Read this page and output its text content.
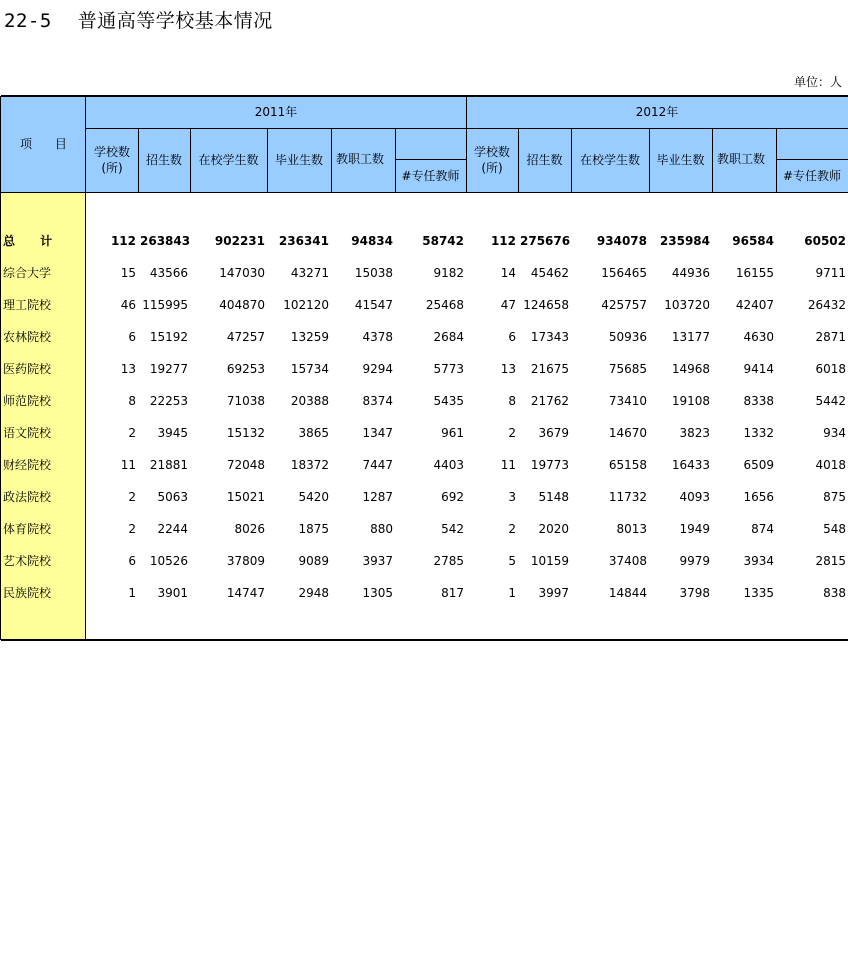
22-5 普通高等学校基本情况
单位：人
项      目
2011年	2012年
学校数(所)
招生数	在校学生数	毕业生数	教职工数
#专任教师
学校数(所)
招生数	在校学生数	毕业生数	教职工数
#专任教师
总      计	112 263843	902231	236341	94834	58742	112 275676	934078	235984	96584	60502
综合大学	15	43566	147030	43271	15038	9182	14	45462	156465	44936	16155	9711
理工院校	46 115995	404870	102120	41547	25468	47 124658	425757	103720	42407	26432
农林院校	6	15192	47257	13259	4378	2684	6	17343	50936	13177	4630	2871
医药院校	13	19277	69253	15734	9294	5773	13	21675	75685	14968	9414	6018
师范院校	8	22253	71038	20388	8374	5435	8	21762	73410	19108	8338	5442
语文院校	2	3945	15132	3865	1347	961	2	3679	14670	3823	1332	934
财经院校	11	21881	72048	18372	7447	4403	11	19773	65158	16433	6509	4018
政法院校	2	5063	15021	5420	1287	692	3	5148	11732	4093	1656	875
体育院校	2	2244	8026	1875	880	542	2	2020	8013	1949	874	548
艺术院校	6	10526	37809	9089	3937	2785	5	10159	37408	9979	3934	2815
民族院校	1	3901	14747	2948	1305	817	1	3997	14844	3798	1335	838
